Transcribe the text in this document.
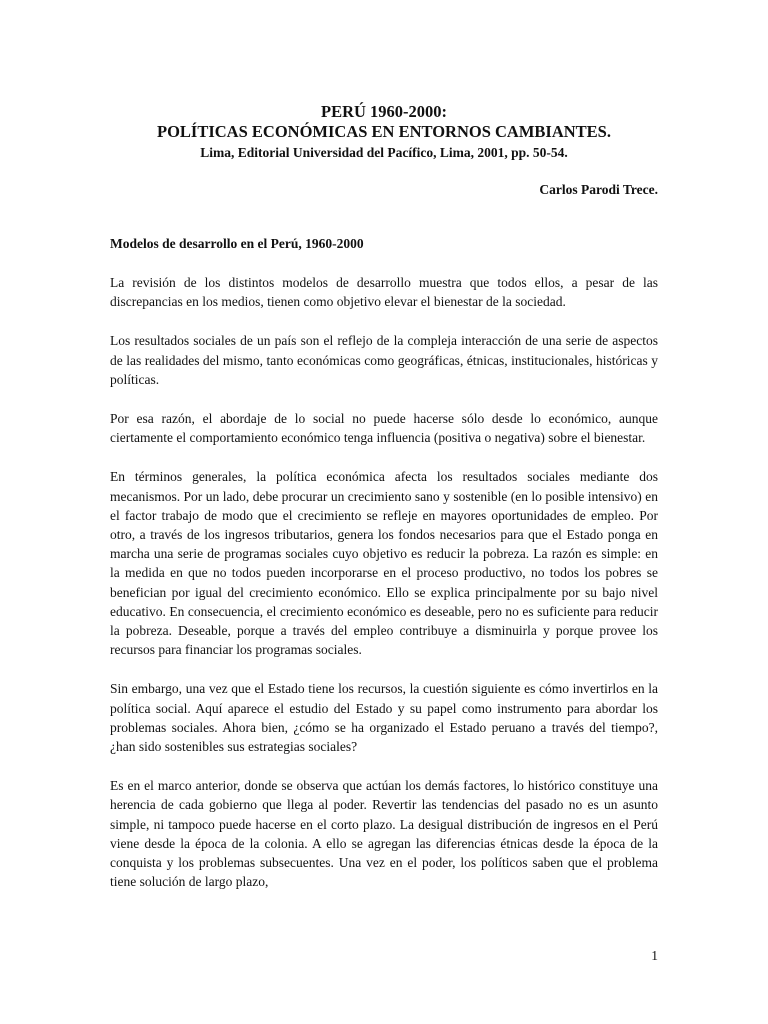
PERÚ 1960-2000:

POLÍTICAS ECONÓMICAS EN ENTORNOS CAMBIANTES.

Lima, Editorial Universidad del Pacífico, Lima, 2001, pp. 50-54.

Carlos Parodi Trece.

Modelos de desarrollo en el Perú, 1960-2000

La revisión de los distintos modelos de desarrollo muestra que todos ellos, a pesar de las discrepancias en los medios, tienen como objetivo elevar el bienestar de la sociedad.

Los resultados sociales de un país son el reflejo de la compleja interacción de una serie de aspectos de las realidades del mismo, tanto económicas como geográficas, étnicas, institucionales, históricas y políticas.

Por esa razón, el abordaje de lo social no puede hacerse sólo desde lo económico, aunque ciertamente el comportamiento económico tenga influencia (positiva o negativa) sobre el bienestar.

En términos generales, la política económica afecta los resultados sociales mediante dos mecanismos. Por un lado, debe procurar un crecimiento sano y sostenible (en lo posible intensivo) en el factor trabajo de modo que el crecimiento se refleje en mayores oportunidades de empleo. Por otro, a través de los ingresos tributarios, genera los fondos necesarios para que el Estado ponga en marcha una serie de programas sociales cuyo objetivo es reducir la pobreza. La razón es simple: en la medida en que no todos pueden incorporarse en el proceso productivo, no todos los pobres se benefician por igual del crecimiento económico. Ello se explica principalmente por su bajo nivel educativo. En consecuencia, el crecimiento económico es deseable, pero no es suficiente para reducir la pobreza. Deseable, porque a través del empleo contribuye a disminuirla y porque provee los recursos para financiar los programas sociales.

Sin embargo, una vez que el Estado tiene los recursos, la cuestión siguiente es cómo invertirlos en la política social. Aquí aparece el estudio del Estado y su papel como instrumento para abordar los problemas sociales. Ahora bien, ¿cómo se ha organizado el Estado peruano a través del tiempo?, ¿han sido sostenibles sus estrategias sociales?

Es en el marco anterior, donde se observa que actúan los demás factores, lo histórico constituye una herencia de cada gobierno que llega al poder. Revertir las tendencias del pasado no es un asunto simple, ni tampoco puede hacerse en el corto plazo. La desigual distribución de ingresos en el Perú viene desde la época de la colonia. A ello se agregan las diferencias étnicas desde la época de la conquista y los problemas subsecuentes. Una vez en el poder, los políticos saben que el problema tiene solución de largo plazo,

1
